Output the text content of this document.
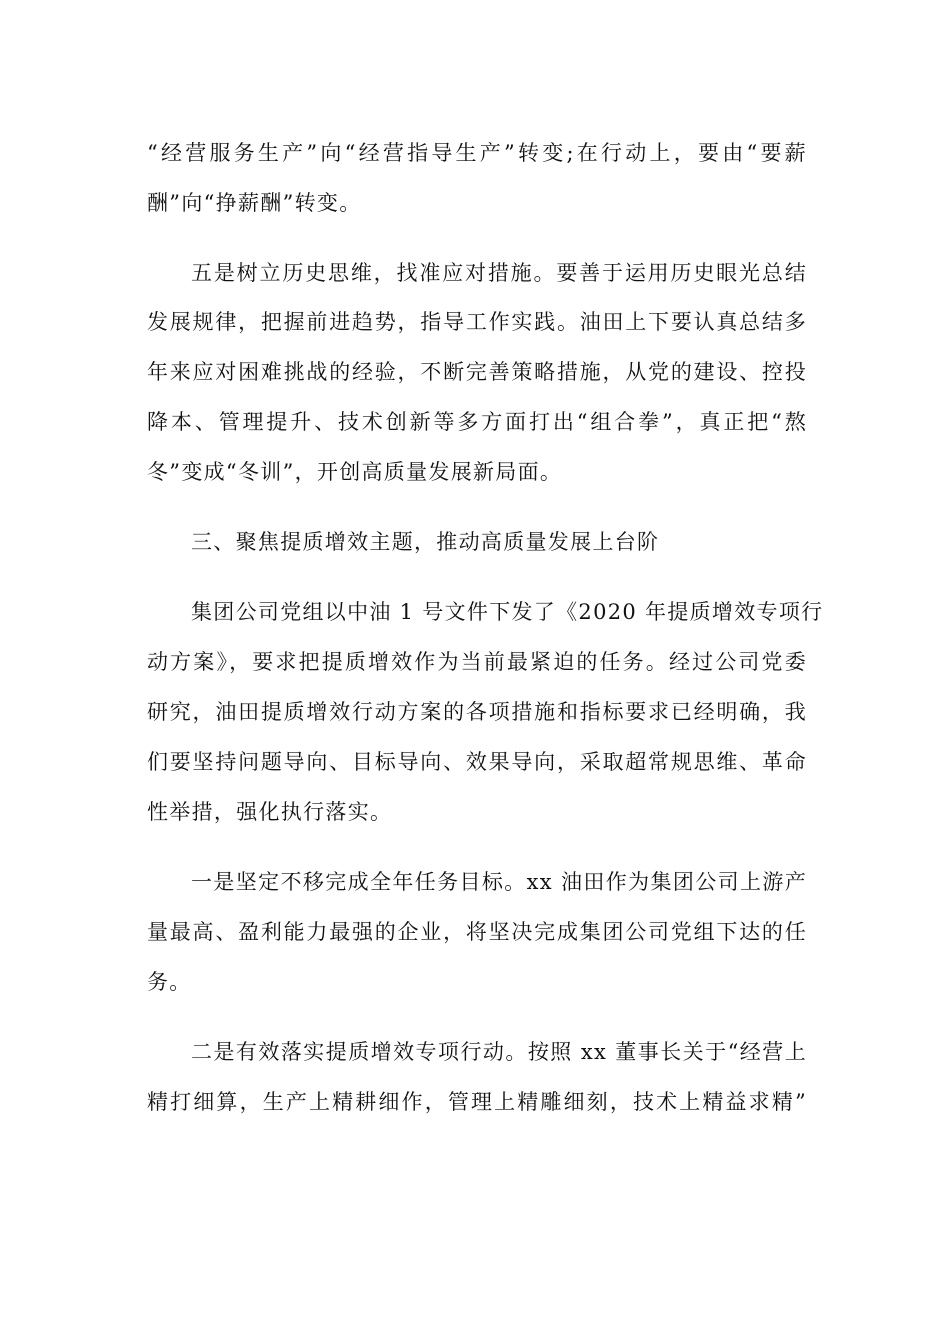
“经营服务生产”向“经营指导生产”转变;在行动上，要由“要薪

酬”向“挣薪酬”转变。

五是树立历史思维，找准应对措施。要善于运用历史眼光总结

发展规律，把握前进趋势，指导工作实践。油田上下要认真总结多

年来应对困难挑战的经验，不断完善策略措施，从党的建设、控投

降本、管理提升、技术创新等多方面打出“组合拳”，真正把“熬

冬”变成“冬训”，开创高质量发展新局面。

三、聚焦提质增效主题，推动高质量发展上台阶

集团公司党组以中油 1 号文件下发了《2020 年提质增效专项行

动方案》，要求把提质增效作为当前最紧迫的任务。经过公司党委

研究，油田提质增效行动方案的各项措施和指标要求已经明确，我

们要坚持问题导向、目标导向、效果导向，采取超常规思维、革命

性举措，强化执行落实。

一是坚定不移完成全年任务目标。xx 油田作为集团公司上游产

量最高、盈利能力最强的企业，将坚决完成集团公司党组下达的任

务。

二是有效落实提质增效专项行动。按照 xx 董事长关于“经营上

精打细算，生产上精耕细作，管理上精雕细刻，技术上精益求精”
